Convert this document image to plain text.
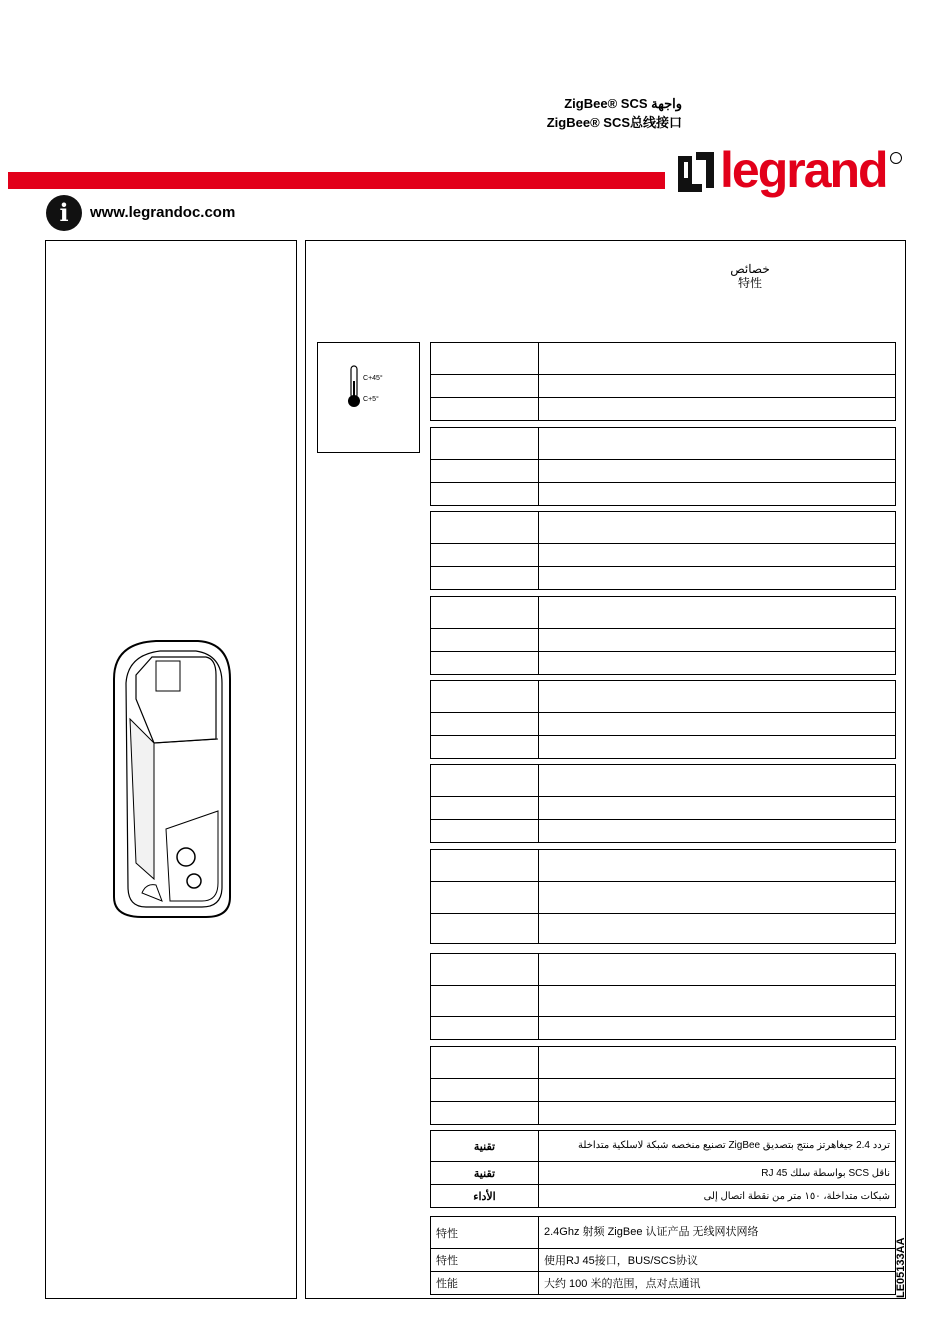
ZigBee® SCS واجهة
ZigBee® SCS总线接口
legrand
i	www.legrandoc.com
خصائص
特性
C+45°
C+5°

تردد 2.4 جيغاهرتز منتج بتصديق ZigBee تصنيع منخصه شبكة لاسلكية متداخلة	تقنية
ناقل SCS بواسطة سلك RJ 45	تقنية
شبكات متداخلة، ١٥٠ متر من نقطة اتصال إلى	الأداء
特性	2.4Ghz 射频 ZigBee 认证产品 无线网状网络
特性	使用RJ 45接口，BUS/SCS协议
性能	大约 100 米的范围，点对点通讯	LE05133AA
